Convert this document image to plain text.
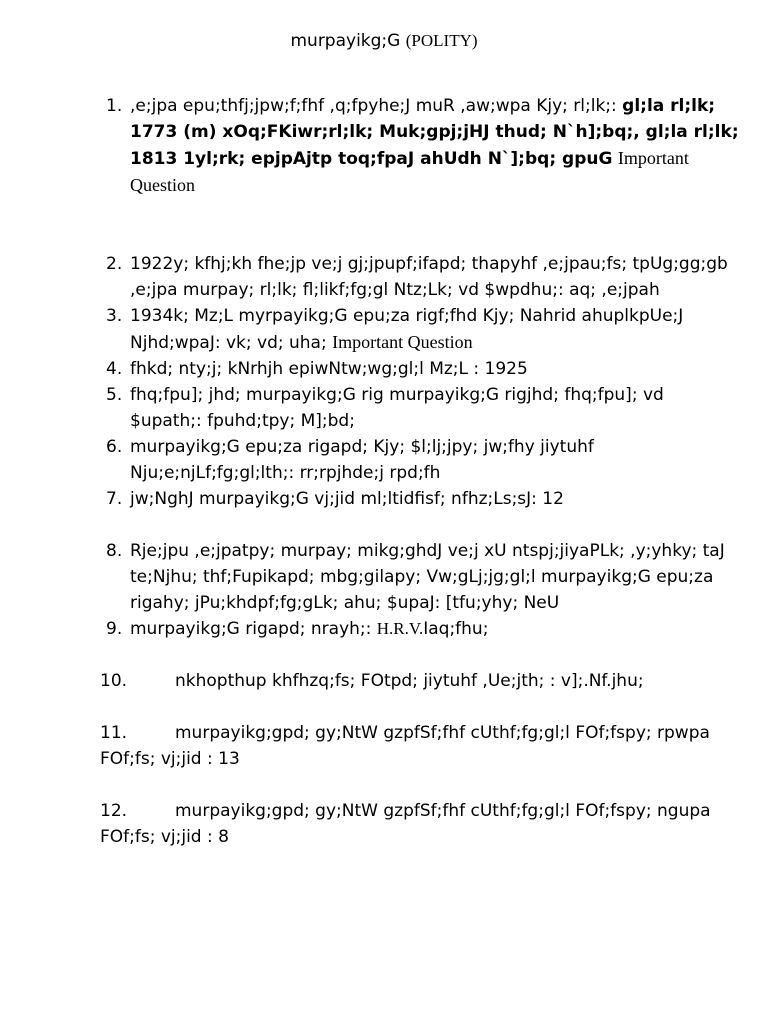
murpayikg;G (POLITY)
1. ,e;jpa epu;thfj;jpw;f;fhf ,q;fpyhe;J muR ,aw;wpa Kjy; rl;lk;: gl;la rl;lk; 1773 (m) xOq;FKiwr;rl;lk; Muk;gpj;jHJ thud; N`h];bq;, gl;la rl;lk; 1813 1yl;rk; epjpAjtp toq;fpaJ ahUdh N`];bq; gpuG Important Question
2. 1922y; kfhj;kh fhe;jp ve;j gj;jpupf;ifapd; thapyhf ,e;jpau;fs; tpUg;gg;gb ,e;jpa murpay; rl;lk; fl;likf;fg;gl Ntz;Lk; vd $wpdhu;: aq; ,e;jpah
3. 1934k; Mz;L myrpayikg;G epu;za rigf;fhd Kjy; Nahrid ahuplkpUe;J Njhd;wpaJ: vk; vd; uha; Important Question
4. fhkd; nty;j; kNrhjh epiwNtw;wg;gl;l Mz;L : 1925
5. fhq;fpu]; jhd; murpayikg;G rig murpayikg;G rigjhd; fhq;fpu]; vd $upath;: fpuhd;tpy; M];bd;
6. murpayikg;G epu;za rigapd; Kjy; $l;lj;jpy; jw;fhy jiytuhf Nju;e;njLf;fg;gl;lth;: rr;rpjhde;j rpd;fh
7. jw;NghJ murpayikg;G vj;jid ml;ltidfisf; nfhz;Ls;sJ: 12
8. Rje;jpu ,e;jpatpy; murpay; mikg;ghdJ ve;j xU ntspj;jiyaPLk; ,y;yhky; taJ te;Njhu; thf;Fupikapd; mbg;gilapy; Vw;gLj;jg;gl;l murpayikg;G epu;za rigahy; jPu;khdpf;fg;gLk; ahu; $upaJ: [tfu;yhy; NeU
9. murpayikg;G rigapd; nrayh;: H.R.V.Iaq;fhu;
10.	nkhopthup khfhzq;fs; FOtpd; jiytuhf ,Ue;jth; : v];.Nf.jhu;
11.	murpayikg;gpd; gy;NtW gzpfSf;fhf cUthf;fg;gl;l FOf;fspy; rpwpa FOf;fs; vj;jid : 13
12.	murpayikg;gpd; gy;NtW gzpfSf;fhf cUthf;fg;gl;l FOf;fspy; ngupa FOf;fs; vj;jid : 8
